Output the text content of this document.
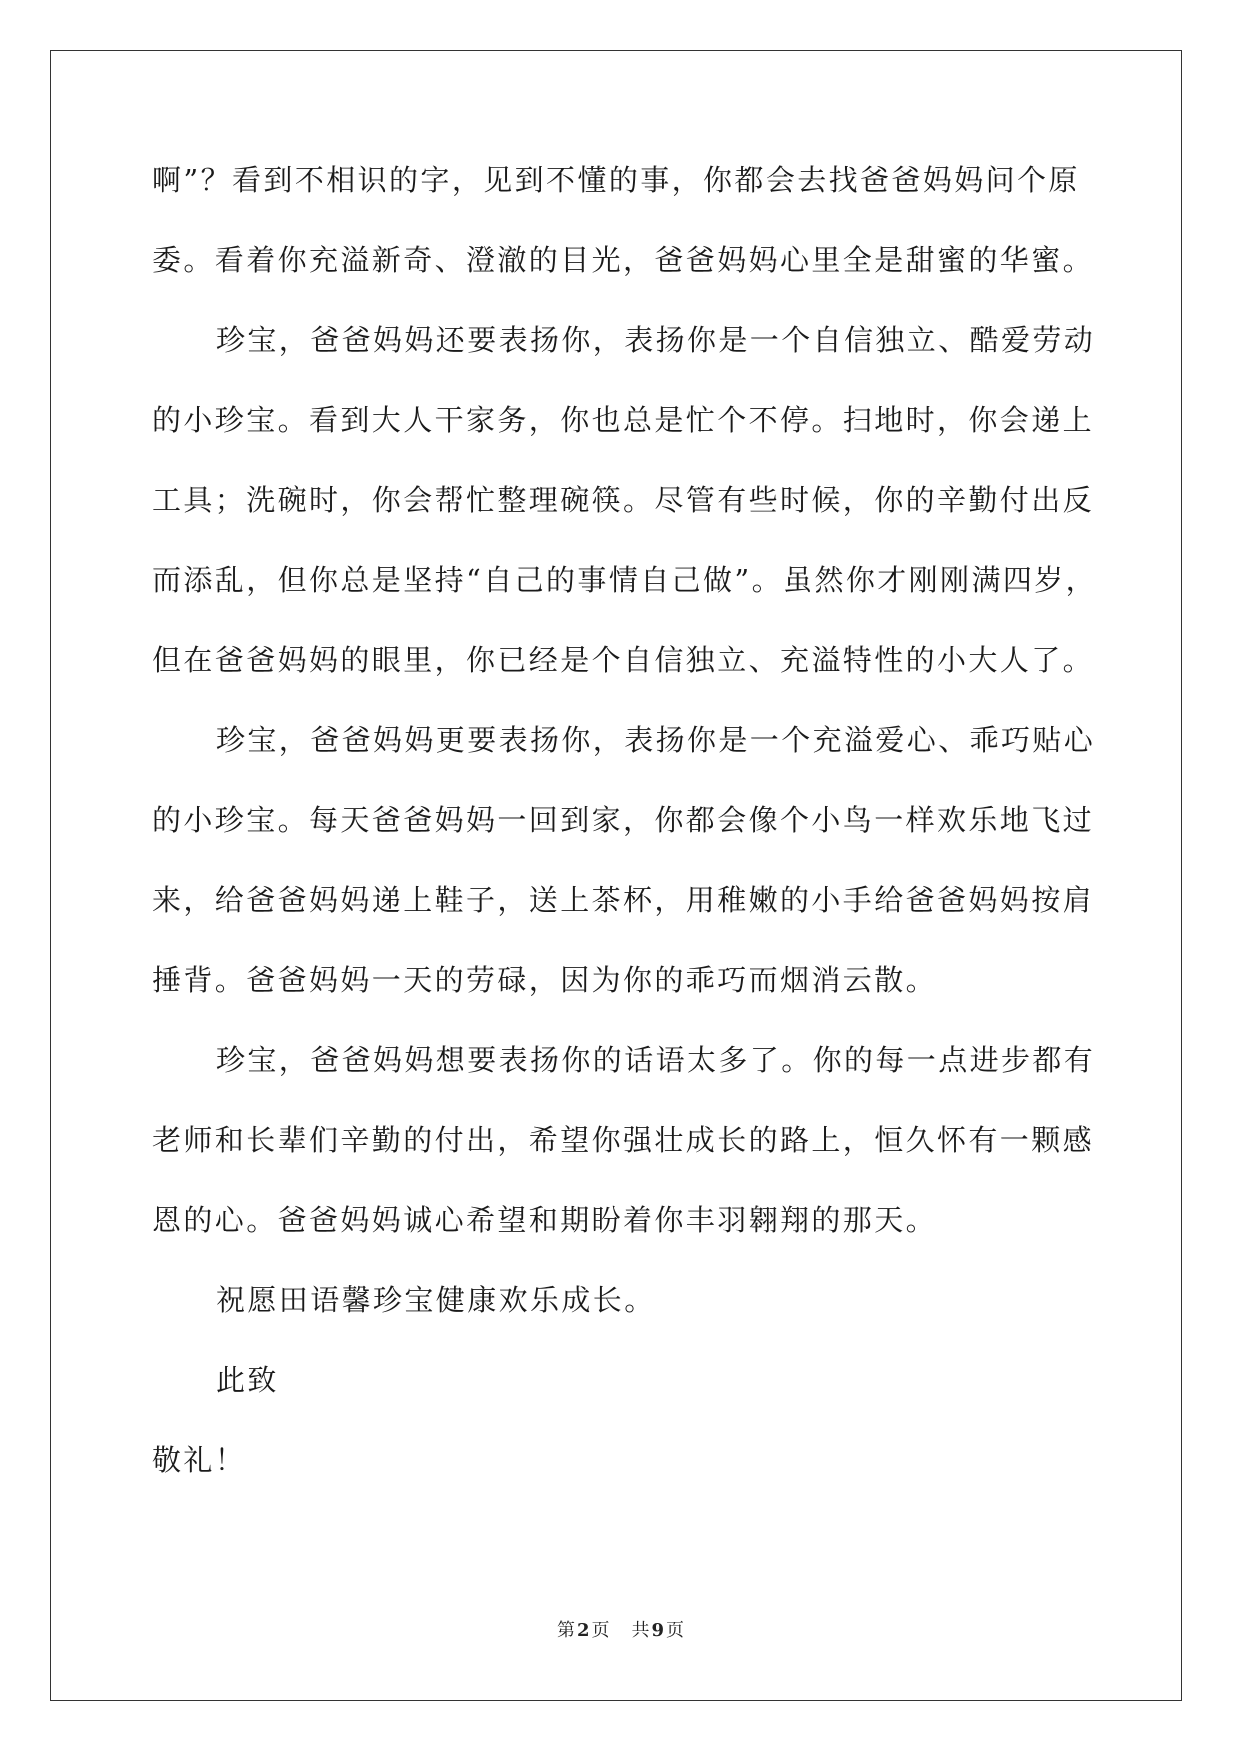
啊”？看到不相识的字，见到不懂的事，你都会去找爸爸妈妈问个原
委。看着你充溢新奇、澄澈的目光，爸爸妈妈心里全是甜蜜的华蜜。
珍宝，爸爸妈妈还要表扬你，表扬你是一个自信独立、酷爱劳动
的小珍宝。看到大人干家务，你也总是忙个不停。扫地时，你会递上
工具；洗碗时，你会帮忙整理碗筷。尽管有些时候，你的辛勤付出反
而添乱，但你总是坚持“自己的事情自己做”。虽然你才刚刚满四岁，
但在爸爸妈妈的眼里，你已经是个自信独立、充溢特性的小大人了。
珍宝，爸爸妈妈更要表扬你，表扬你是一个充溢爱心、乖巧贴心
的小珍宝。每天爸爸妈妈一回到家，你都会像个小鸟一样欢乐地飞过
来，给爸爸妈妈递上鞋子，送上茶杯，用稚嫩的小手给爸爸妈妈按肩
捶背。爸爸妈妈一天的劳碌，因为你的乖巧而烟消云散。
珍宝，爸爸妈妈想要表扬你的话语太多了。你的每一点进步都有
老师和长辈们辛勤的付出，希望你强壮成长的路上，恒久怀有一颗感
恩的心。爸爸妈妈诚心希望和期盼着你丰羽翱翔的那天。
祝愿田语馨珍宝健康欢乐成长。
此致
敬礼！
第 2 页 共 9 页
